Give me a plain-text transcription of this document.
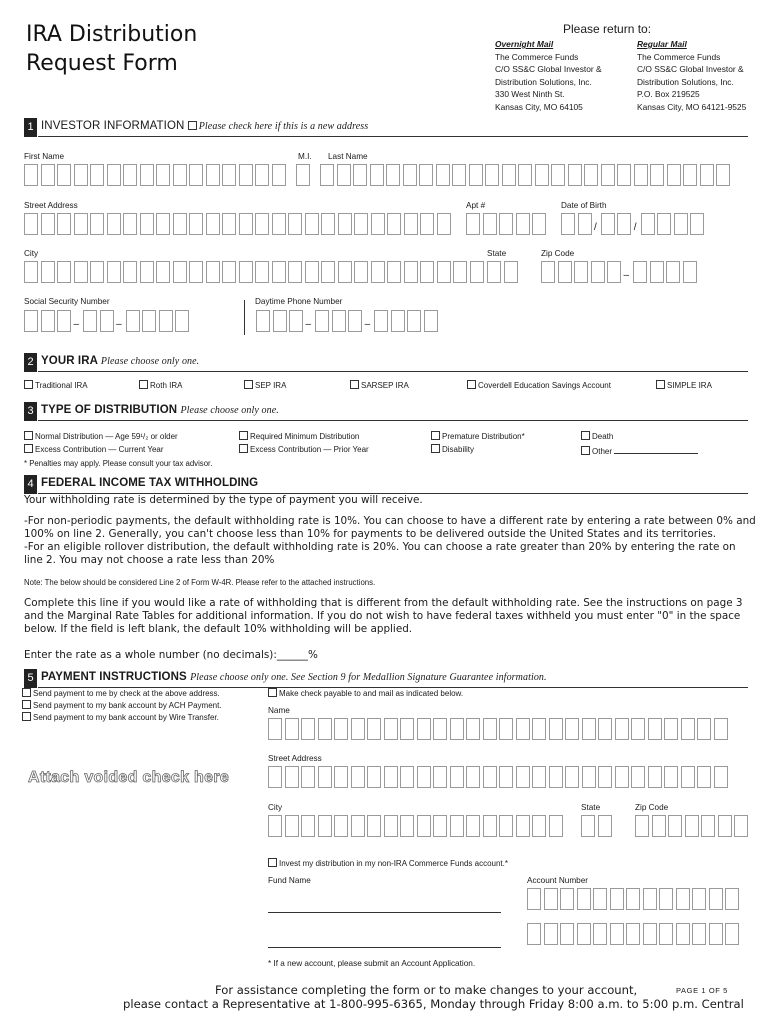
IRA Distribution
Request Form
Please return to:
Overnight Mail
The Commerce Funds
C/O SS&C Global Investor &
Distribution Solutions, Inc.
330 West Ninth St.
Kansas City, MO 64105
Regular Mail
The Commerce Funds
C/O SS&C Global Investor &
Distribution Solutions, Inc.
P.O. Box 219525
Kansas City, MO 64121-9525
1 INVESTOR INFORMATION Please check here if this is a new address
First Name	M.I. Last Name
Street Address	Apt #	Date of Birth
/	/
City	State	Zip Code
–
Social Security Number	Daytime Phone Number
–	–	–	–
2 YOUR IRA Please choose only one.
Traditional IRA	Roth IRA	SEP IRA	SARSEP IRA	Coverdell Education Savings Account	SIMPLE IRA
3 TYPE OF DISTRIBUTION Please choose only one.
Normal Distribution — Age 59¹/₂ or older
Excess Contribution — Current Year
Required Minimum Distribution
Excess Contribution — Prior Year
Premature Distribution*
Disability
Death
Other
* Penalties may apply. Please consult your tax advisor.
4 FEDERAL INCOME TAX WITHHOLDING
Your withholding rate is determined by the type of payment you will receive.
-For non-periodic payments, the default withholding rate is 10%. You can choose to have a different rate by entering a rate between 0% and 100% on line 2. Generally, you can't choose less than 10% for payments to be delivered outside the United States and its territories.
-For an eligible rollover distribution, the default withholding rate is 20%. You can choose a rate greater than 20% by entering the rate on line 2. You may not choose a rate less than 20%
Note: The below should be considered Line 2 of Form W-4R. Please refer to the attached instructions.
Complete this line if you would like a rate of withholding that is different from the default withholding rate. See the instructions on page 3 and the Marginal Rate Tables for additional information. If you do not wish to have federal taxes withheld you must enter "0" in the space below. If the field is left blank, the default 10% withholding will be applied.
Enter the rate as a whole number (no decimals):______%
5 PAYMENT INSTRUCTIONS Please choose only one. See Section 9 for Medallion Signature Guarantee information.
Send payment to me by check at the above address.
Send payment to my bank account by ACH Payment.
Send payment to my bank account by Wire Transfer.
Make check payable to and mail as indicated below.
Name
Street Address
City	State	Zip Code
Attach voided check here
Invest my distribution in my non-IRA Commerce Funds account.*
Fund Name	Account Number
* If a new account, please submit an Account Application.
For assistance completing the form or to make changes to your account,	PAGE 1 OF 5
please contact a Representative at 1-800-995-6365, Monday through Friday 8:00 a.m. to 5:00 p.m. Central
